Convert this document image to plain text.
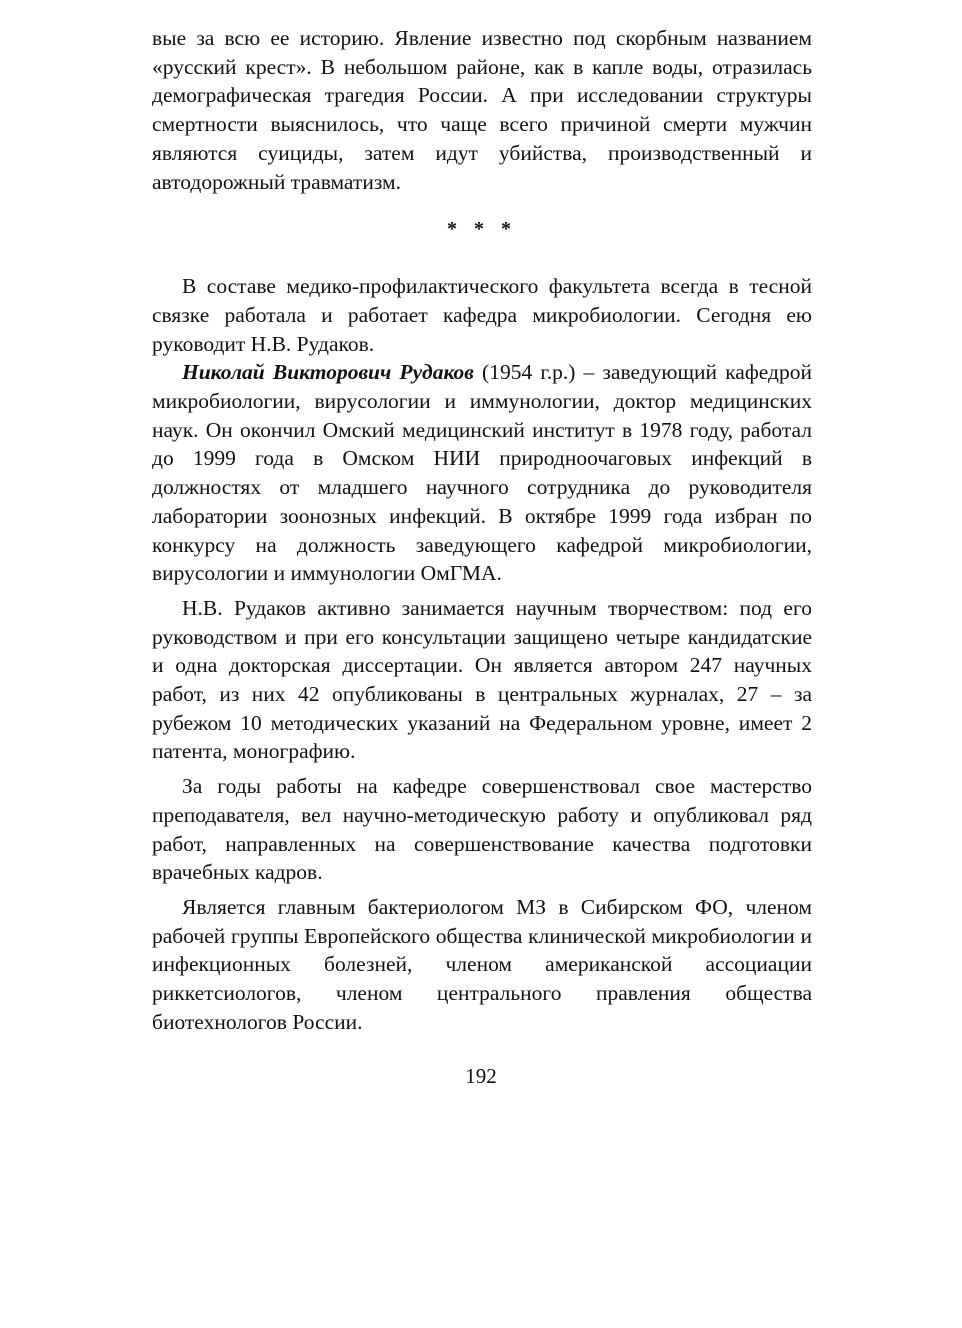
вые за всю ее историю. Явление известно под скорбным названием «русский крест». В небольшом районе, как в капле воды, отразилась демографическая трагедия России. А при исследовании структуры смертности выяснилось, что чаще всего причиной смерти мужчин являются суициды, затем идут убийства, производственный и автодорожный травматизм.

* * *

В составе медико-профилактического факультета всегда в тесной связке работала и работает кафедра микробиологии. Сегодня ею руководит Н.В. Рудаков.

Николай Викторович Рудаков (1954 г.р.) – заведующий кафедрой микробиологии, вирусологии и иммунологии, доктор медицинских наук. Он окончил Омский медицинский институт в 1978 году, работал до 1999 года в Омском НИИ природноочаговых инфекций в должностях от младшего научного сотрудника до руководителя лаборатории зоонозных инфекций. В октябре 1999 года избран по конкурсу на должность заведующего кафедрой микробиологии, вирусологии и иммунологии ОмГМА.

Н.В. Рудаков активно занимается научным творчеством: под его руководством и при его консультации защищено четыре кандидатские и одна докторская диссертации. Он является автором 247 научных работ, из них 42 опубликованы в центральных журналах, 27 – за рубежом 10 методических указаний на Федеральном уровне, имеет 2 патента, монографию.

За годы работы на кафедре совершенствовал свое мастерство преподавателя, вел научно-методическую работу и опубликовал ряд работ, направленных на совершенствование качества подготовки врачебных кадров.

Является главным бактериологом МЗ в Сибирском ФО, членом рабочей группы Европейского общества клинической микробиологии и инфекционных болезней, членом американской ассоциации риккетсиологов, членом центрального правления общества биотехнологов России.

192
